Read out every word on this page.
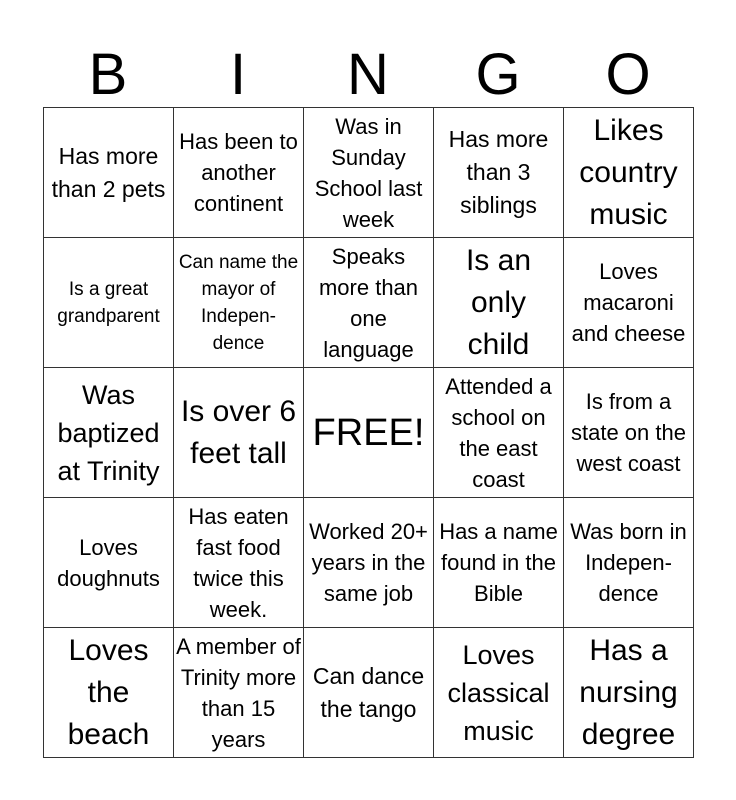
B	I	N	G	O
Has more than 2 pets	Has been to another continent	Was in Sunday School last week	Has more than 3 siblings	Likes country music

Is a great grandparent	Can name the mayor of Indepen-dence	Speaks more than one language	Is an only child	Loves macaroni and cheese

Was baptized at Trinity	Is over 6 feet tall	FREE!	Attended a school on the east coast	Is from a state on the west coast

Loves doughnuts	Has eaten fast food twice this week.	Worked 20+ years in the same job	Has a name found in the Bible	Was born in Indepen-dence

Loves the beach	A member of Trinity more than 15 years	Can dance the tango	Loves classical music	Has a nursing degree
